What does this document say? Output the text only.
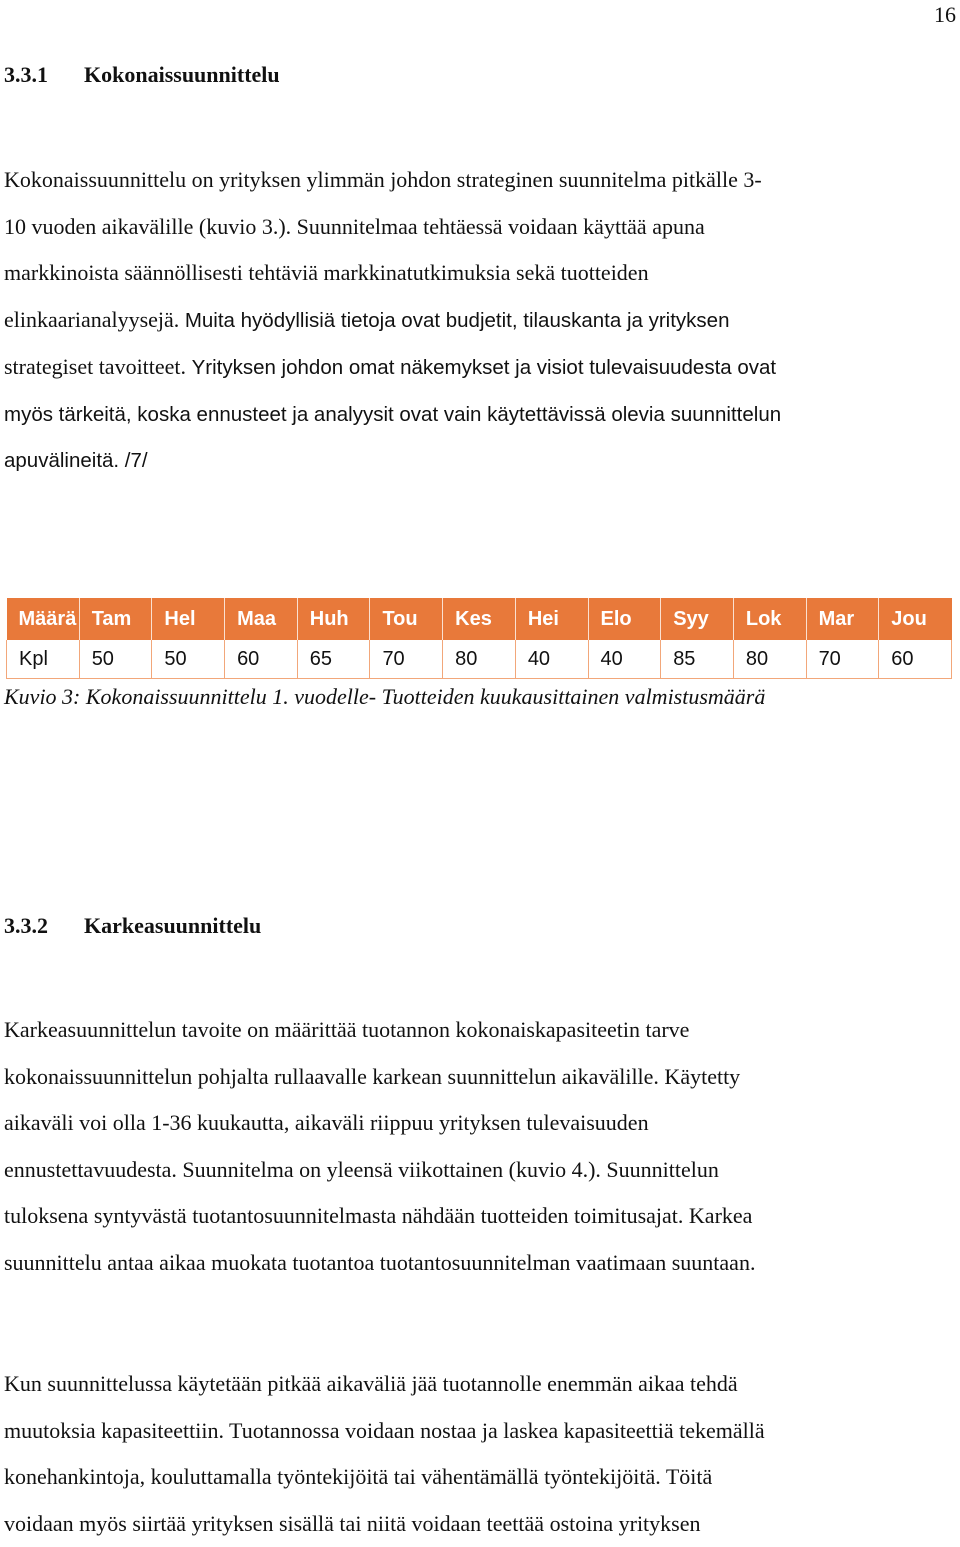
16
3.3.1 Kokonaissuunnittelu
Kokonaissuunnittelu on yrityksen ylimmän johdon strateginen suunnitelma pitkälle 3-
10 vuoden aikavälille (kuvio 3.). Suunnitelmaa tehtäessä voidaan käyttää apuna
markkinoista säännöllisesti tehtäviä markkinatutkimuksia sekä tuotteiden
elinkaarianalyysejä. Muita hyödyllisiä tietoja ovat budjetit, tilauskanta ja yrityksen
strategiset tavoitteet. Yrityksen johdon omat näkemykset ja visiot tulevaisuudesta ovat
myös tärkeitä, koska ennusteet ja analyysit ovat vain käytettävissä olevia suunnittelun
apuvälineitä. /7/
Määrä	Tam	Hel	Maa	Huh	Tou	Kes	Hei	Elo	Syy	Lok	Mar	Jou
Kpl	50	50	60	65	70	80	40	40	85	80	70	60
Kuvio 3: Kokonaissuunnittelu 1. vuodelle- Tuotteiden kuukausittainen valmistusmäärä
3.3.2 Karkeasuunnittelu
Karkeasuunnittelun tavoite on määrittää tuotannon kokonaiskapasiteetin tarve
kokonaissuunnittelun pohjalta rullaavalle karkean suunnittelun aikavälille. Käytetty
aikaväli voi olla 1-36 kuukautta, aikaväli riippuu yrityksen tulevaisuuden
ennustettavuudesta. Suunnitelma on yleensä viikottainen (kuvio 4.). Suunnittelun
tuloksena syntyvästä tuotantosuunnitelmasta nähdään tuotteiden toimitusajat. Karkea
suunnittelu antaa aikaa muokata tuotantoa tuotantosuunnitelman vaatimaan suuntaan.
Kun suunnittelussa käytetään pitkää aikaväliä jää tuotannolle enemmän aikaa tehdä
muutoksia kapasiteettiin. Tuotannossa voidaan nostaa ja laskea kapasiteettiä tekemällä
konehankintoja, kouluttamalla työntekijöitä tai vähentämällä työntekijöitä. Töitä
voidaan myös siirtää yrityksen sisällä tai niitä voidaan teettää ostoina yrityksen
